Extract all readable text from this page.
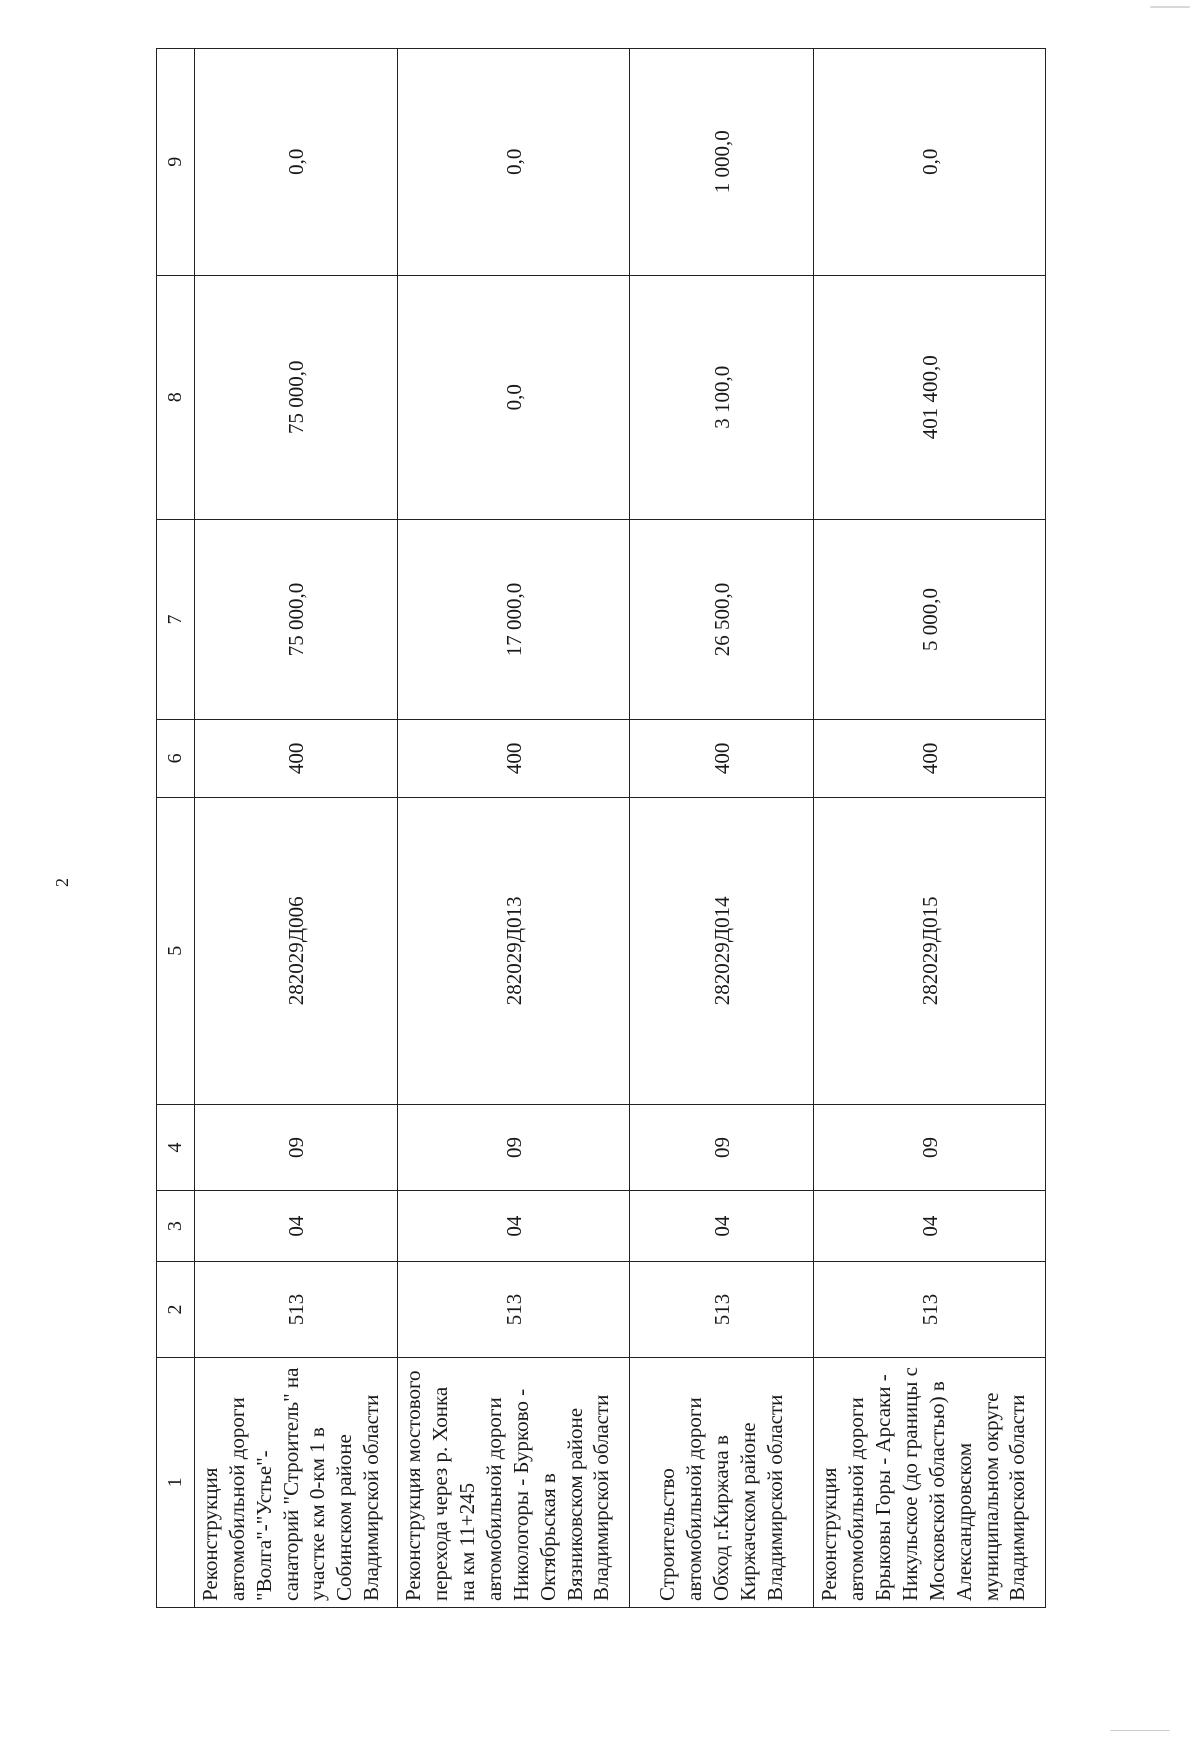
2
1	2	3	4	5	6	7	8	9
Реконструкция автомобильной дороги "Волга"-"Устье"-санаторий "Строитель" на участке км 0-км 1 в Собинском районе Владимирской области	513	04	09	282029Д006	400	75 000,0	75 000,0	0,0
Реконструкция мостового перехода через р. Хонка на км 11+245 автомобильной дороги Никологоры - Бурково - Октябрьская в Вязниковском районе Владимирской области	513	04	09	282029Д013	400	17 000,0	0,0	0,0
Строительство автомобильной дороги Обход г.Киржача в Киржачском районе Владимирской области	513	04	09	282029Д014	400	26 500,0	3 100,0	1 000,0
Реконструкция автомобильной дороги Брыковы Горы - Арсаки - Никульское (до границы с Московской областью) в Александровском муниципальном округе Владимирской области	513	04	09	282029Д015	400	5 000,0	401 400,0	0,0
